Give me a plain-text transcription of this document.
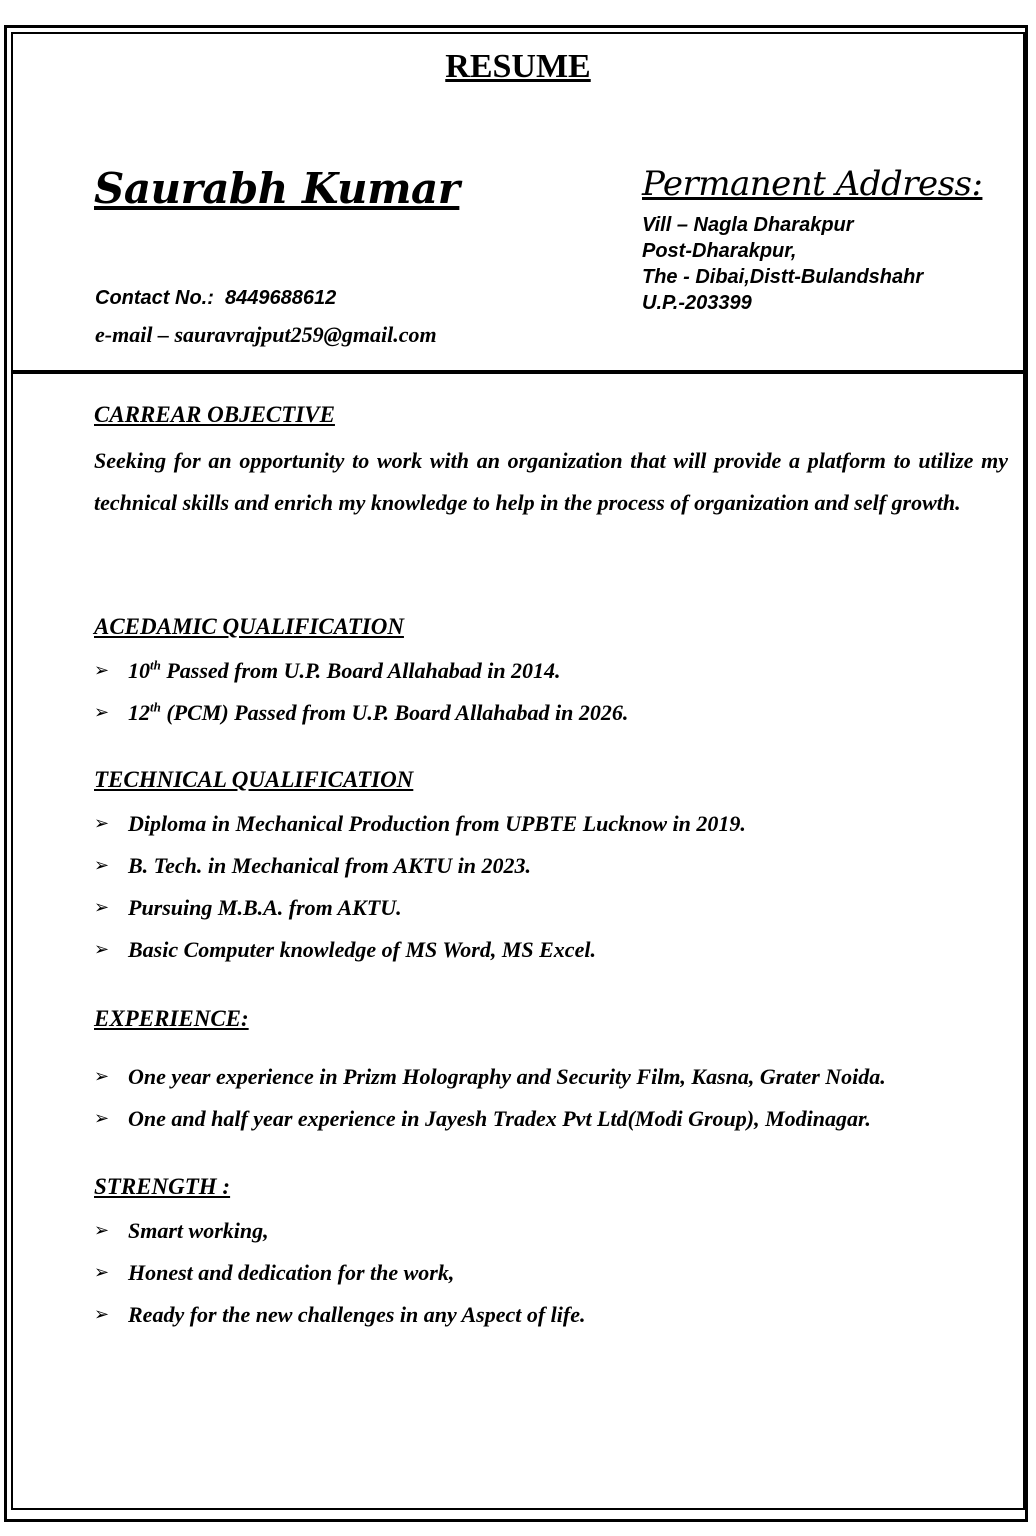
RESUME
Saurabh Kumar	Permanent Address:
Vill – Nagla Dharakpur
Post-Dharakpur,
The - Dibai,Distt-Bulandshahr
U.P.-203399
Contact No.: 8449688612
e-mail – sauravrajput259@gmail.com
CARREAR OBJECTIVE

Seeking for an opportunity to work with an organization that will provide a platform to utilize my technical skills and enrich my knowledge to help in the process of organization and self growth.

ACEDAMIC QUALIFICATION
➢ 10th Passed from U.P. Board Allahabad in 2014.
➢ 12th (PCM) Passed from U.P. Board Allahabad in 2026.
TECHNICAL QUALIFICATION
➢ Diploma in Mechanical Production from UPBTE Lucknow in 2019.
➢ B. Tech. in Mechanical from AKTU in 2023.
➢ Pursuing M.B.A. from AKTU.
➢ Basic Computer knowledge of MS Word, MS Excel.
EXPERIENCE:
➢ One year experience in Prizm Holography and Security Film, Kasna, Grater Noida.
➢ One and half year experience in Jayesh Tradex Pvt Ltd(Modi Group), Modinagar.
STRENGTH :
➢ Smart working,
➢ Honest and dedication for the work,
➢ Ready for the new challenges in any Aspect of life.
